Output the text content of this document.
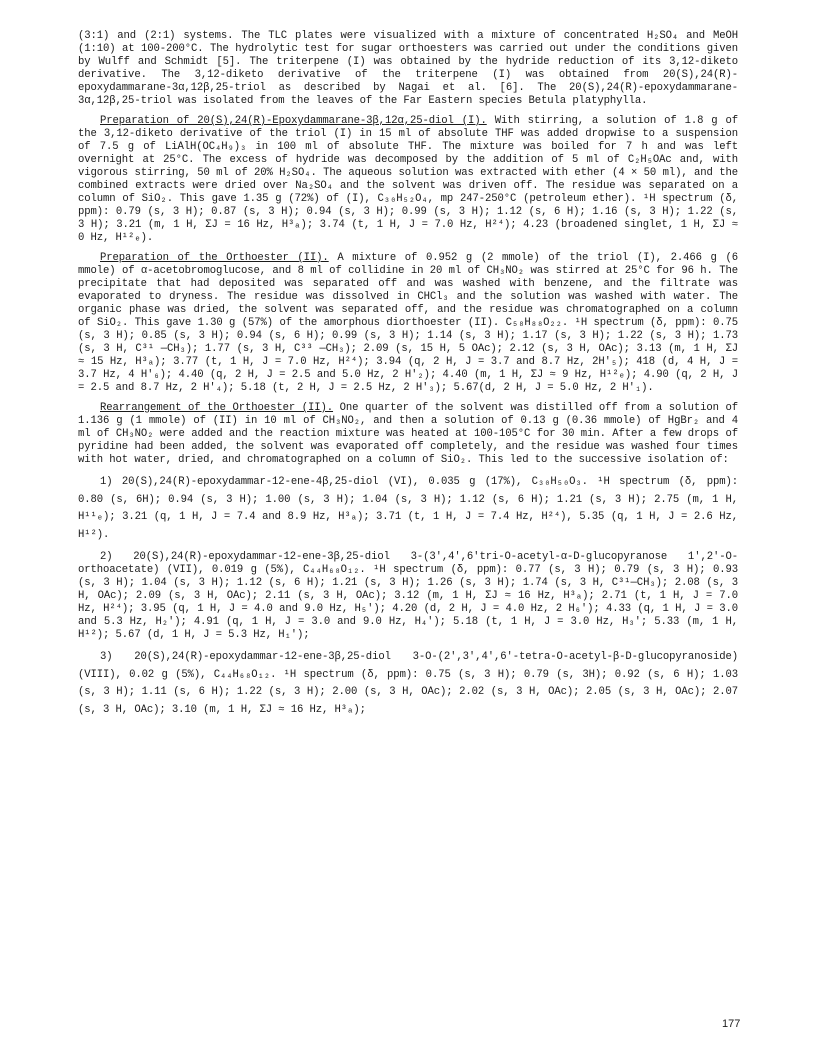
(3:1) and (2:1) systems. The TLC plates were visualized with a mixture of concentrated H₂SO₄ and MeOH (1:10) at 100-200°C. The hydrolytic test for sugar orthoesters was carried out under the conditions given by Wulff and Schmidt [5]. The triterpene (I) was obtained by the hydride reduction of its 3,12-diketo derivative. The 3,12-diketo derivative of the triterpene (I) was obtained from 20(S),24(R)-epoxydammarane-3α,12β,25-triol as described by Nagai et al. [6]. The 20(S),24(R)-epoxydammarane-3α,12β,25-triol was isolated from the leaves of the Far Eastern species Betula platyphylla.

Preparation of 20(S),24(R)-Epoxydammarane-3β,12α,25-diol (I). With stirring, a solution of 1.8 g of the 3,12-diketo derivative of the triol (I) in 15 ml of absolute THF was added dropwise to a suspension of 7.5 g of LiAlH(OC₄H₉)₃ in 100 ml of absolute THF. The mixture was boiled for 7 h and was left overnight at 25°C. The excess of hydride was decomposed by the addition of 5 ml of C₂H₅OAc and, with vigorous stirring, 50 ml of 20% H₂SO₄. The aqueous solution was extracted with ether (4 × 50 ml), and the combined extracts were dried over Na₂SO₄ and the solvent was driven off. The residue was separated on a column of SiO₂. This gave 1.35 g (72%) of (I), C₃₀H₅₂O₄, mp 247-250°C (petroleum ether). ¹H spectrum (δ, ppm): 0.79 (s, 3 H); 0.87 (s, 3 H); 0.94 (s, 3 H); 0.99 (s, 3 H); 1.12 (s, 6 H); 1.16 (s, 3 H); 1.22 (s, 3 H); 3.21 (m, 1 H, ΣJ = 16 Hz, H³ₐ); 3.74 (t, 1 H, J = 7.0 Hz, H²⁴); 4.23 (broadened singlet, 1 H, ΣJ ≈ 0 Hz, H¹²ₑ).

Preparation of the Orthoester (II). A mixture of 0.952 g (2 mmole) of the triol (I), 2.466 g (6 mmole) of α-acetobromoglucose, and 8 ml of collidine in 20 ml of CH₃NO₂ was stirred at 25°C for 96 h. The precipitate that had deposited was separated off and was washed with benzene, and the filtrate was evaporated to dryness. The residue was dissolved in CHCl₃ and the solution was washed with water. The organic phase was dried, the solvent was separated off, and the residue was chromatographed on a column of SiO₂. This gave 1.30 g (57%) of the amorphous diorthoester (II). C₅₈H₈₈O₂₂. ¹H spectrum (δ, ppm): 0.75 (s, 3 H); 0.85 (s, 3 H); 0.94 (s, 6 H); 0.99 (s, 3 H); 1.14 (s, 3 H); 1.17 (s, 3 H); 1.22 (s, 3 H); 1.73 (s, 3 H, C³¹ —CH₃); 1.77 (s, 3 H, C³³ —CH₃); 2.09 (s, 15 H, 5 OAc); 2.12 (s, 3 H, OAc); 3.13 (m, 1 H, ΣJ ≈ 15 Hz, H³ₐ); 3.77 (t, 1 H, J = 7.0 Hz, H²⁴); 3.94 (q, 2 H, J = 3.7 and 8.7 Hz, 2H′₅); 418 (d, 4 H, J = 3.7 Hz, 4 H′₆); 4.40 (q, 2 H, J = 2.5 and 5.0 Hz, 2 H′₂); 4.40 (m, 1 H, ΣJ ≈ 9 Hz, H¹²ₑ); 4.90 (q, 2 H, J = 2.5 and 8.7 Hz, 2 H′₄); 5.18 (t, 2 H, J = 2.5 Hz, 2 H′₃); 5.67(d, 2 H, J = 5.0 Hz, 2 H′₁).

Rearrangement of the Orthoester (II). One quarter of the solvent was distilled off from a solution of 1.136 g (1 mmole) of (II) in 10 ml of CH₃NO₂, and then a solution of 0.13 g (0.36 mmole) of HgBr₂ and 4 ml of CH₃NO₂ were added and the reaction mixture was heated at 100-105°C for 30 min. After a few drops of pyridine had been added, the solvent was evaporated off completely, and the residue was washed four times with hot water, dried, and chromatographed on a column of SiO₂. This led to the successive isolation of:

1) 20(S),24(R)-epoxydammar-12-ene-4β,25-diol (VI), 0.035 g (17%), C₃₀H₅₀O₃. ¹H spectrum (δ, ppm): 0.80 (s, 6H); 0.94 (s, 3 H); 1.00 (s, 3 H); 1.04 (s, 3 H); 1.12 (s, 6 H); 1.21 (s, 3 H); 2.75 (m, 1 H, H¹¹ₑ); 3.21 (q, 1 H, J = 7.4 and 8.9 Hz, H³ₐ); 3.71 (t, 1 H, J = 7.4 Hz, H²⁴), 5.35 (q, 1 H, J = 2.6 Hz, H¹²).

2) 20(S),24(R)-epoxydammar-12-ene-3β,25-diol 3-(3′,4′,6′tri-O-acetyl-α-D-glucopyranose 1′,2′-O-orthoacetate) (VII), 0.019 g (5%), C₄₄H₆₈O₁₂. ¹H spectrum (δ, ppm): 0.77 (s, 3 H); 0.79 (s, 3 H); 0.93 (s, 3 H); 1.04 (s, 3 H); 1.12 (s, 6 H); 1.21 (s, 3 H); 1.26 (s, 3 H); 1.74 (s, 3 H, C³¹—CH₃); 2.08 (s, 3 H, OAc); 2.09 (s, 3 H, OAc); 2.11 (s, 3 H, OAc); 3.12 (m, 1 H, ΣJ ≈ 16 Hz, H³ₐ); 2.71 (t, 1 H, J = 7.0 Hz, H²⁴); 3.95 (q, 1 H, J = 4.0 and 9.0 Hz, H₅′); 4.20 (d, 2 H, J = 4.0 Hz, 2 H₆′); 4.33 (q, 1 H, J = 3.0 and 5.3 Hz, H₂′); 4.91 (q, 1 H, J = 3.0 and 9.0 Hz, H₄′); 5.18 (t, 1 H, J = 3.0 Hz, H₃′; 5.33 (m, 1 H, H¹²); 5.67 (d, 1 H, J = 5.3 Hz, H₁′);

3) 20(S),24(R)-epoxydammar-12-ene-3β,25-diol 3-O-(2′,3′,4′,6′-tetra-O-acetyl-β-D-glucopyranoside) (VIII), 0.02 g (5%), C₄₄H₆₈O₁₂. ¹H spectrum (δ, ppm): 0.75 (s, 3 H); 0.79 (s, 3H); 0.92 (s, 6 H); 1.03 (s, 3 H); 1.11 (s, 6 H); 1.22 (s, 3 H); 2.00 (s, 3 H, OAc); 2.02 (s, 3 H, OAc); 2.05 (s, 3 H, OAc); 2.07 (s, 3 H, OAc); 3.10 (m, 1 H, ΣJ ≈ 16 Hz, H³ₐ);

177
